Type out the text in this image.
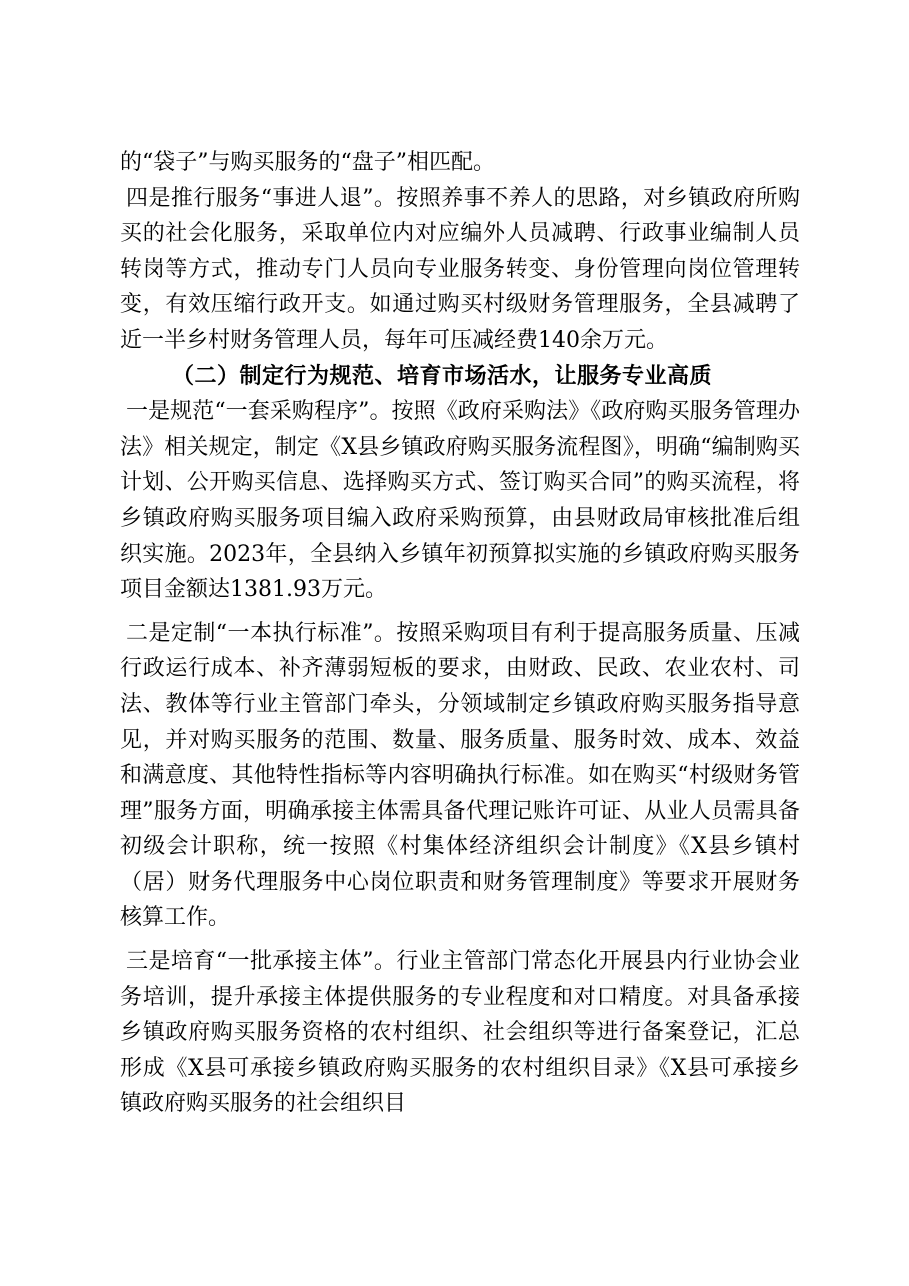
的“袋子”与购买服务的“盘子”相匹配。

四是推行服务“事进人退”。按照养事不养人的思路，对乡镇政府所购买的社会化服务，采取单位内对应编外人员减聘、行政事业编制人员转岗等方式，推动专门人员向专业服务转变、身份管理向岗位管理转变，有效压缩行政开支。如通过购买村级财务管理服务，全县减聘了近一半乡村财务管理人员，每年可压减经费140余万元。

（二）制定行为规范、培育市场活水，让服务专业高质

一是规范“一套采购程序”。按照《政府采购法》《政府购买服务管理办法》相关规定，制定《X县乡镇政府购买服务流程图》，明确“编制购买计划、公开购买信息、选择购买方式、签订购买合同”的购买流程，将乡镇政府购买服务项目编入政府采购预算，由县财政局审核批准后组织实施。2023年，全县纳入乡镇年初预算拟实施的乡镇政府购买服务项目金额达1381.93万元。

二是定制“一本执行标准”。按照采购项目有利于提高服务质量、压减行政运行成本、补齐薄弱短板的要求，由财政、民政、农业农村、司法、教体等行业主管部门牵头，分领域制定乡镇政府购买服务指导意见，并对购买服务的范围、数量、服务质量、服务时效、成本、效益和满意度、其他特性指标等内容明确执行标准。如在购买“村级财务管理”服务方面，明确承接主体需具备代理记账许可证、从业人员需具备初级会计职称，统一按照《村集体经济组织会计制度》《X县乡镇村（居）财务代理服务中心岗位职责和财务管理制度》等要求开展财务核算工作。

三是培育“一批承接主体”。行业主管部门常态化开展县内行业协会业务培训，提升承接主体提供服务的专业程度和对口精度。对具备承接乡镇政府购买服务资格的农村组织、社会组织等进行备案登记，汇总形成《X县可承接乡镇政府购买服务的农村组织目录》《X县可承接乡镇政府购买服务的社会组织目
